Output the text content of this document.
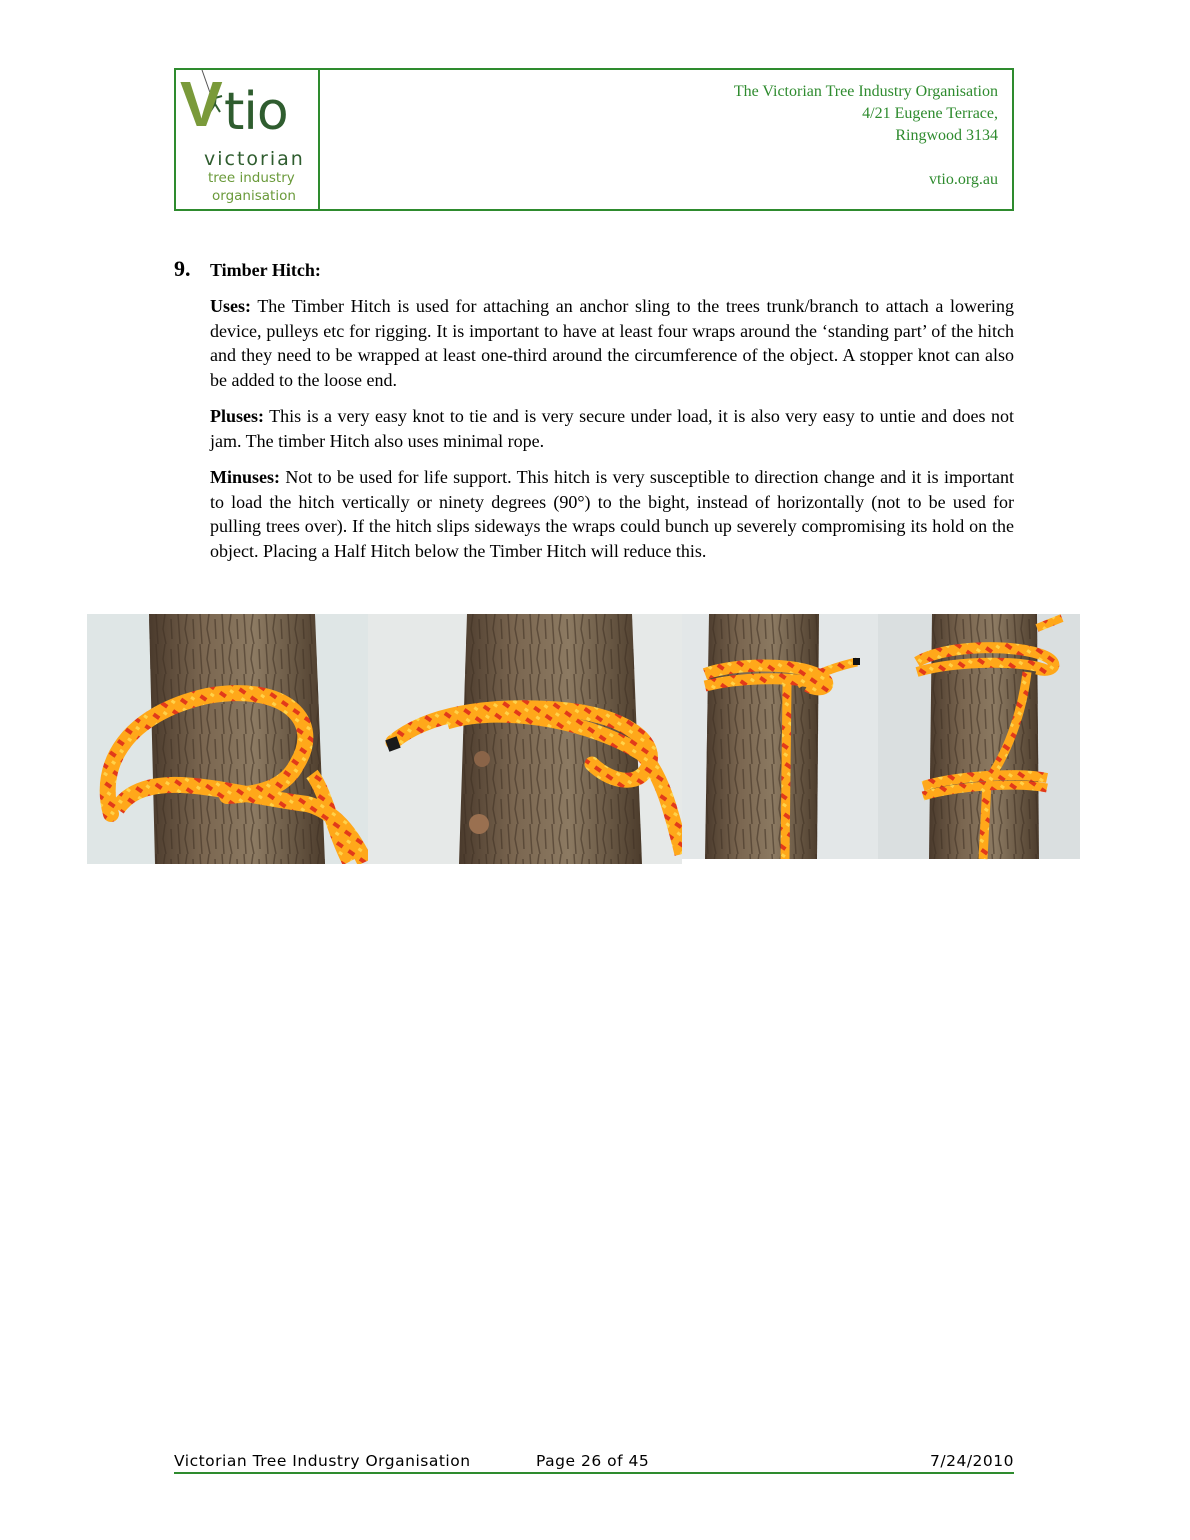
V tio
victorian
tree industry
organisation
The Victorian Tree Industry Organisation
4/21 Eugene Terrace,
Ringwood 3134
vtio.org.au
9. Timber Hitch:

Uses: The Timber Hitch is used for attaching an anchor sling to the trees trunk/branch to attach a lowering device, pulleys etc for rigging. It is important to have at least four wraps around the ‘standing part’ of the hitch and they need to be wrapped at least one-third around the circumference of the object. A stopper knot can also be added to the loose end.

Pluses: This is a very easy knot to tie and is very secure under load, it is also very easy to untie and does not jam. The timber Hitch also uses minimal rope.

Minuses: Not to be used for life support. This hitch is very susceptible to direction change and it is important to load the hitch vertically or ninety degrees (90°) to the bight, instead of horizontally (not to be used for pulling trees over). If the hitch slips sideways the wraps could bunch up severely compromising its hold on the object. Placing a Half Hitch below the Timber Hitch will reduce this.

Victorian Tree Industry Organisation	Page 26 of 45	7/24/2010
